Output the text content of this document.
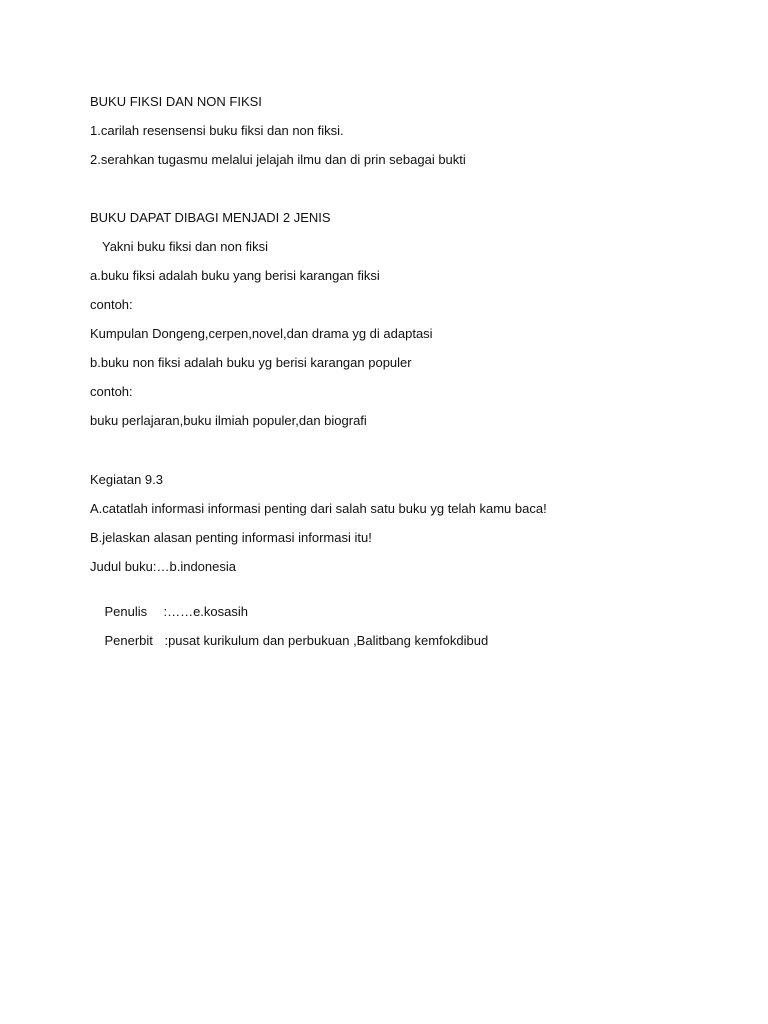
BUKU FIKSI DAN NON FIKSI
1.carilah resensensi buku fiksi dan non fiksi.
2.serahkan tugasmu melalui jelajah ilmu dan di prin sebagai bukti
BUKU DAPAT DIBAGI MENJADI 2 JENIS
Yakni buku fiksi dan non fiksi
a.buku fiksi adalah buku yang berisi karangan fiksi
contoh:
Kumpulan Dongeng,cerpen,novel,dan drama yg di adaptasi
b.buku non fiksi adalah buku yg berisi karangan populer
contoh:
buku perlajaran,buku ilmiah populer,dan biografi
Kegiatan 9.3
A.catatlah informasi informasi penting dari salah satu buku yg telah kamu baca!
B.jelaskan alasan penting informasi informasi itu!
Judul buku:…b.indonesia

Penulis :……e.kosasih

Penerbit :pusat kurikulum dan perbukuan ,Balitbang kemfokdibud
